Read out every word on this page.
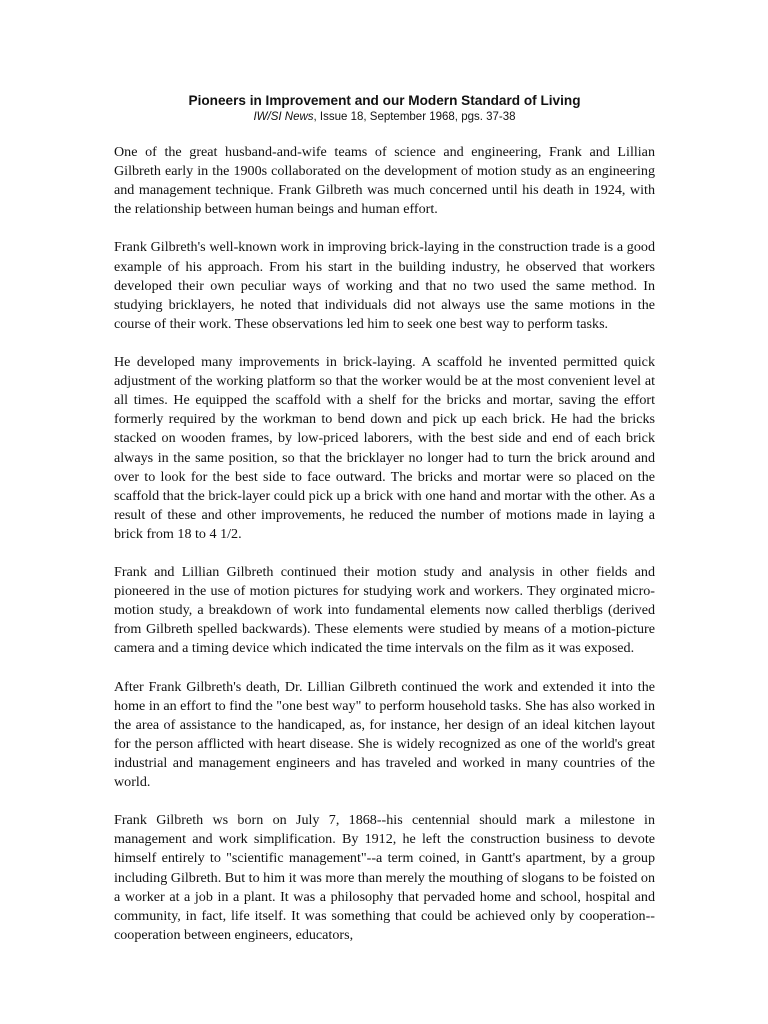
Pioneers in Improvement and our Modern Standard of Living

IW/SI News, Issue 18, September 1968, pgs. 37-38

One of the great husband-and-wife teams of science and engineering, Frank and Lillian Gilbreth early in the 1900s collaborated on the development of motion study as an engineering and management technique. Frank Gilbreth was much concerned until his death in 1924, with the relationship between human beings and human effort.

Frank Gilbreth's well-known work in improving brick-laying in the construction trade is a good example of his approach. From his start in the building industry, he observed that workers developed their own peculiar ways of working and that no two used the same method. In studying bricklayers, he noted that individuals did not always use the same motions in the course of their work. These observations led him to seek one best way to perform tasks.

He developed many improvements in brick-laying. A scaffold he invented permitted quick adjustment of the working platform so that the worker would be at the most convenient level at all times. He equipped the scaffold with a shelf for the bricks and mortar, saving the effort formerly required by the workman to bend down and pick up each brick. He had the bricks stacked on wooden frames, by low-priced laborers, with the best side and end of each brick always in the same position, so that the bricklayer no longer had to turn the brick around and over to look for the best side to face outward. The bricks and mortar were so placed on the scaffold that the brick-layer could pick up a brick with one hand and mortar with the other. As a result of these and other improvements, he reduced the number of motions made in laying a brick from 18 to 4 1/2.

Frank and Lillian Gilbreth continued their motion study and analysis in other fields and pioneered in the use of motion pictures for studying work and workers. They orginated micro-motion study, a breakdown of work into fundamental elements now called therbligs (derived from Gilbreth spelled backwards). These elements were studied by means of a motion-picture camera and a timing device which indicated the time intervals on the film as it was exposed.

After Frank Gilbreth's death, Dr. Lillian Gilbreth continued the work and extended it into the home in an effort to find the "one best way" to perform household tasks. She has also worked in the area of assistance to the handicaped, as, for instance, her design of an ideal kitchen layout for the person afflicted with heart disease. She is widely recognized as one of the world's great industrial and management engineers and has traveled and worked in many countries of the world.

Frank Gilbreth ws born on July 7, 1868--his centennial should mark a milestone in management and work simplification. By 1912, he left the construction business to devote himself entirely to "scientific management"--a term coined, in Gantt's apartment, by a group including Gilbreth. But to him it was more than merely the mouthing of slogans to be foisted on a worker at a job in a plant. It was a philosophy that pervaded home and school, hospital and community, in fact, life itself. It was something that could be achieved only by cooperation--cooperation between engineers, educators,
